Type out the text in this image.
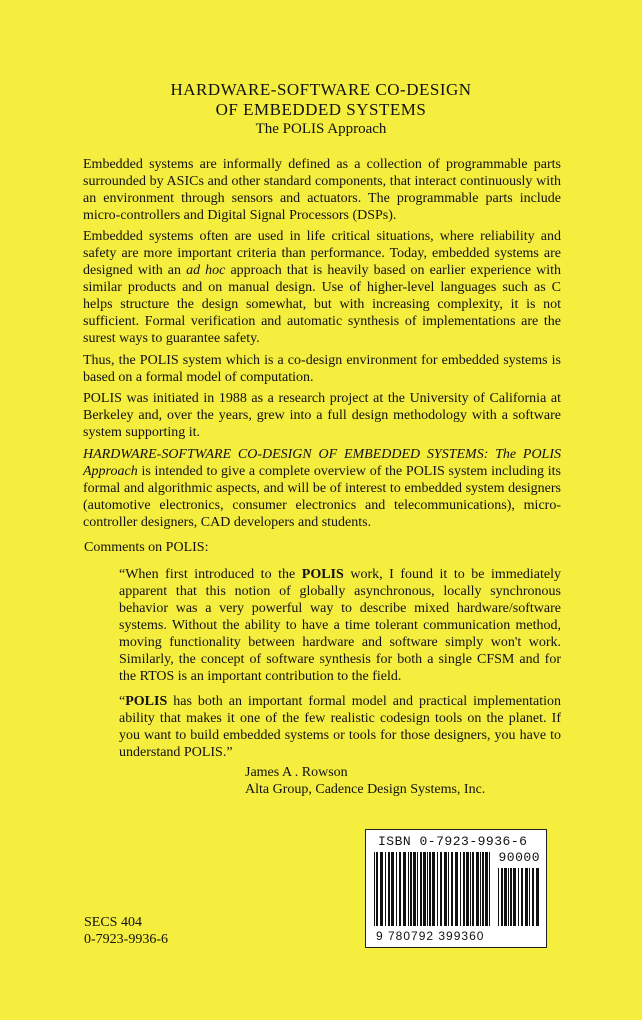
HARDWARE-SOFTWARE CO-DESIGN
OF EMBEDDED SYSTEMS
The POLIS Approach

Embedded systems are informally defined as a collection of programmable parts surrounded by ASICs and other standard components, that interact continuously with an environment through sensors and actuators. The programmable parts include micro-controllers and Digital Signal Processors (DSPs).

Embedded systems often are used in life critical situations, where reliability and safety are more important criteria than performance. Today, embedded systems are designed with an ad hoc approach that is heavily based on earlier experience with similar products and on manual design. Use of higher-level languages such as C helps structure the design somewhat, but with increasing complexity, it is not sufficient. Formal verification and automatic synthesis of implementations are the surest ways to guarantee safety.

Thus, the POLIS system which is a co-design environment for embedded systems is based on a formal model of computation.

POLIS was initiated in 1988 as a research project at the University of California at Berkeley and, over the years, grew into a full design methodology with a software system supporting it.

HARDWARE-SOFTWARE CO-DESIGN OF EMBEDDED SYSTEMS: The POLIS Approach is intended to give a complete overview of the POLIS system including its formal and algorithmic aspects, and will be of interest to embedded system designers (automotive electronics, consumer electronics and telecommunications), micro-controller designers, CAD developers and students.

Comments on POLIS:
“When first introduced to the POLIS work, I found it to be immediately apparent that this notion of globally asynchronous, locally synchronous behavior was a very powerful way to describe mixed hardware/software systems. Without the ability to have a time tolerant communication method, moving functionality between hardware and software simply won't work. Similarly, the concept of software synthesis for both a single CFSM and for the RTOS is an important contribution to the field.
“POLIS has both an important formal model and practical implementation ability that makes it one of the few realistic codesign tools on the planet. If you want to build embedded systems or tools for those designers, you have to understand POLIS.”
James A . Rowson
Alta Group, Cadence Design Systems, Inc.
ISBN 0-7923-9936-6
90000
9 780792 399360
SECS 404
0-7923-9936-6
